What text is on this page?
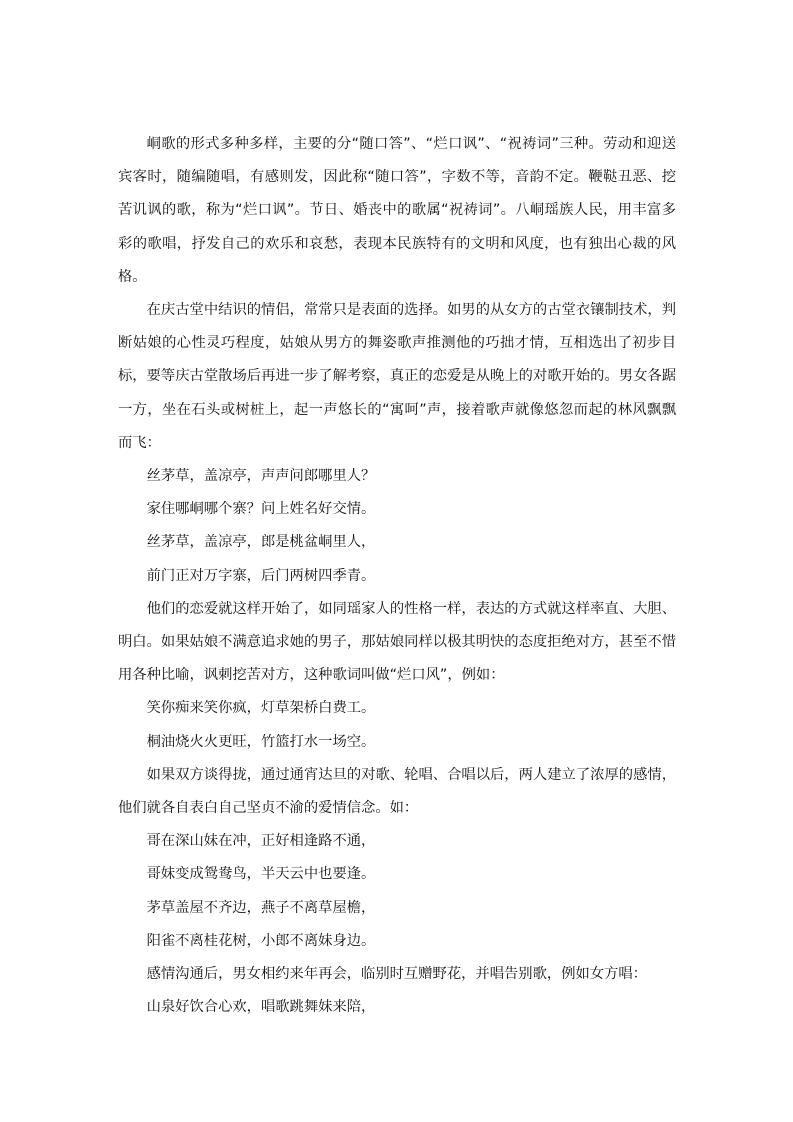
峒歌的形式多种多样，主要的分“随口答”、“烂口讽”、“祝祷词”三种。劳动和迎送宾客时，随编随唱，有感则发，因此称“随口答”，字数不等，音韵不定。鞭鞑丑恶、挖苦讥讽的歌，称为“烂口讽”。节日、婚丧中的歌属“祝祷词”。八峒瑶族人民，用丰富多彩的歌唱，抒发自己的欢乐和哀愁，表现本民族特有的文明和风度，也有独出心裁的风格。

在庆古堂中结识的情侣，常常只是表面的选择。如男的从女方的古堂衣镶制技术，判断姑娘的心性灵巧程度，姑娘从男方的舞姿歌声推测他的巧拙才情，互相选出了初步目标，要等庆古堂散场后再进一步了解考察，真正的恋爱是从晚上的对歌开始的。男女各踞一方，坐在石头或树桩上，起一声悠长的“寓呵”声，接着歌声就像悠忽而起的林风飘飘而飞：

丝茅草，盖凉亭，声声问郎哪里人？

家住哪峒哪个寨？问上姓名好交情。

丝茅草，盖凉亭，郎是桃盆峒里人，

前门正对万字寨，后门两树四季青。

他们的恋爱就这样开始了，如同瑶家人的性格一样，表达的方式就这样率直、大胆、明白。如果姑娘不满意追求她的男子，那姑娘同样以极其明快的态度拒绝对方，甚至不惜用各种比喻，讽刺挖苦对方，这种歌词叫做“烂口风”，例如：

笑你痴来笑你疯，灯草架桥白费工。

桐油烧火火更旺，竹篮打水一场空。

如果双方谈得拢，通过通宵达旦的对歌、轮唱、合唱以后，两人建立了浓厚的感情，他们就各自表白自己坚贞不渝的爱情信念。如：

哥在深山妹在冲，正好相逢路不通，

哥妹变成鸳鸯鸟，半天云中也要逢。

茅草盖屋不齐边，燕子不离草屋檐，

阳雀不离桂花树，小郎不离妹身边。

感情沟通后，男女相约来年再会，临别时互赠野花，并唱告别歌，例如女方唱：

山泉好饮合心欢，唱歌跳舞妹来陪，
